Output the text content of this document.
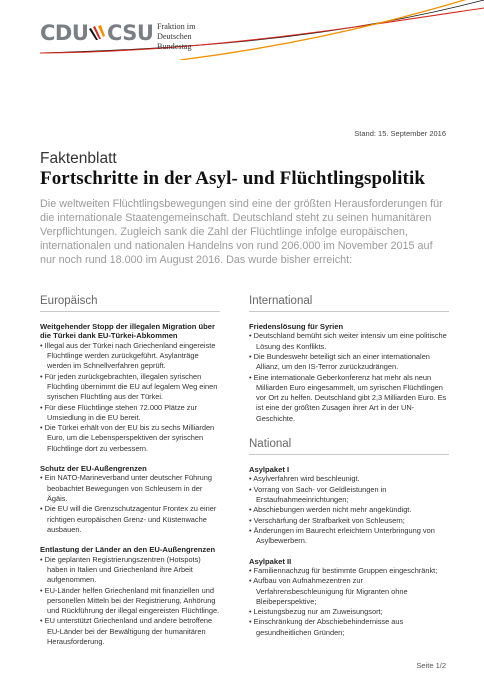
CDU CSU Fraktion im
Deutschen Bundestag
Stand: 15. September 2016
Faktenblatt
Fortschritte in der Asyl- und Flüchtlingspolitik
Die weltweiten Flüchtlingsbewegungen sind eine der größten Herausforderungen für die internationale Staatengemeinschaft. Deutschland steht zu seinen humanitären Verpflichtungen. Zugleich sank die Zahl der Flüchtlinge infolge europäischen, internationalen und nationalen Handelns von rund 206.000 im November 2015 auf nur noch rund 18.000 im August 2016. Das wurde bisher erreicht:
Europäisch
Weitgehender Stopp der illegalen Migration über die Türkei dank EU-Türkei-Abkommen
• Illegal aus der Türkei nach Griechenland eingereiste Flüchtlinge werden zurückgeführt. Asylanträge werden im Schnellverfahren geprüft.
• Für jeden zurückgebrachten, illegalen syrischen Flüchtling übernimmt die EU auf legalem Weg einen syrischen Flüchtling aus der Türkei.
• Für diese Flüchtlinge stehen 72.000 Plätze zur Umsiedlung in die EU bereit.
• Die Türkei erhält von der EU bis zu sechs Milliarden Euro, um die Lebensperspektiven der syrischen Flüchtlinge dort zu verbessern.
Schutz der EU-Außengrenzen
• Ein NATO-Marineverband unter deutscher Führung beobachtet Bewegungen von Schleusern in der Ägäis.
• Die EU will die Grenzschutzagentur Frontex zu einer richtigen europäischen Grenz- und Küstenwache ausbauen.
Entlastung der Länder an den EU-Außengrenzen
• Die geplanten Registrierungszentren (Hotspots) haben in Italien und Griechenland ihre Arbeit aufgenommen.
• EU-Länder helfen Griechenland mit finanziellen und personellen Mitteln bei der Registrierung, Anhörung und Rückführung der illegal eingereisten Flüchtlinge.
• EU unterstützt Griechenland und andere betroffene EU-Länder bei der Bewältigung der humanitären Herausforderung.
International
Friedenslösung für Syrien
• Deutschland bemüht sich weiter intensiv um eine politische Lösung des Konflikts.
• Die Bundeswehr beteiligt sich an einer internationalen Allianz, um den IS-Terror zurückzudrängen.
• Eine internationale Geberkonferenz hat mehr als neun Milliarden Euro eingesammelt, um syrischen Flüchtlingen vor Ort zu helfen. Deutschland gibt 2,3 Milliarden Euro. Es ist eine der größten Zusagen ihrer Art in der UN-Geschichte.
National
Asylpaket I
• Asylverfahren wird beschleunigt.
• Vorrang von Sach- vor Geldleistungen in Erstaufnahmeeinrichtungen;
• Abschiebungen werden nicht mehr angekündigt.
• Verschärfung der Strafbarkeit von Schleusern;
• Änderungen im Baurecht erleichtern Unterbringung von Asylbewerbern.
Asylpaket II
• Familiennachzug für bestimmte Gruppen eingeschränkt;
• Aufbau von Aufnahmezentren zur Verfahrensbeschleunigung für Migranten ohne Bleibeperspektive;
• Leistungsbezug nur am Zuweisungsort;
• Einschränkung der Abschiebehindernisse aus gesundheitlichen Gründen;
Seite 1/2
